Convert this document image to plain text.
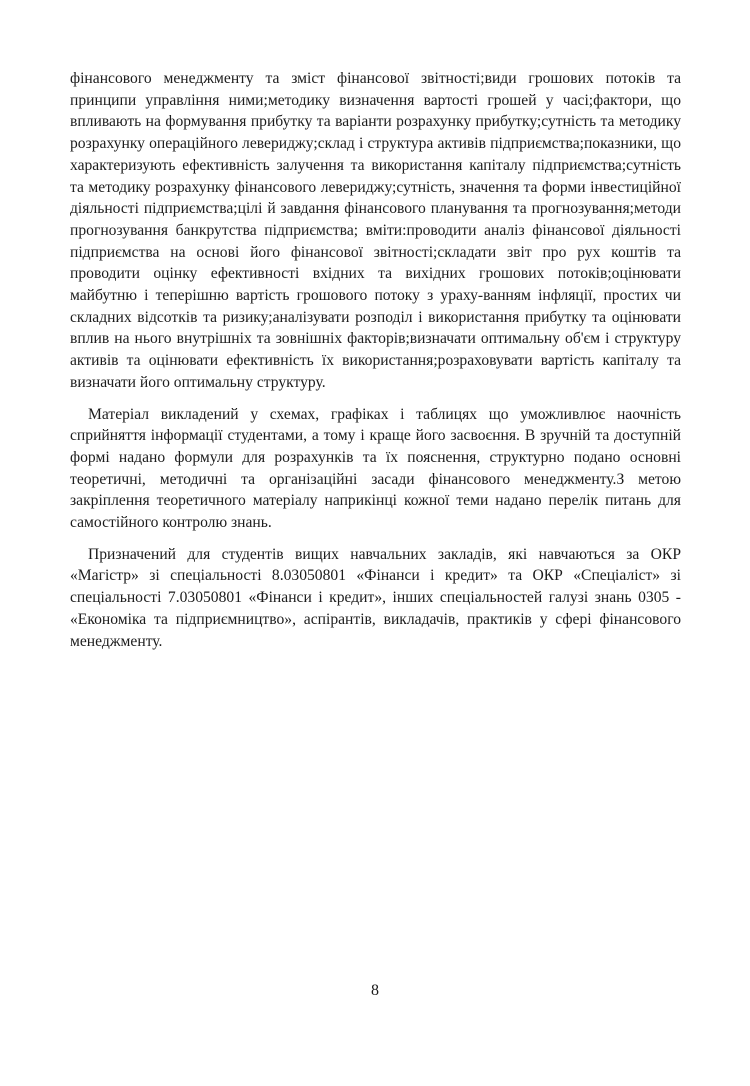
фінансового менеджменту та зміст фінансової звітності;види грошових потоків та принципи управління ними;методику визначення вартості грошей у часі;фактори, що впливають на формування прибутку та варіанти розрахунку прибутку;сутність та методику розрахунку операційного левериджу;склад і структура активів підприємства;показники, що характеризують ефективність залучення та використання капіталу підприємства;сутність та методику розрахунку фінансового левериджу;сутність, значення та форми інвестиційної діяльності підприємства;цілі й завдання фінансового планування та прогнозування;методи прогнозування банкрутства підприємства; вміти:проводити аналіз фінансової діяльності підприємства на основі його фінансової звітності;складати звіт про рух коштів та проводити оцінку ефективності вхідних та вихідних грошових потоків;оцінювати майбутню і теперішню вартість грошового потоку з ураху-ванням інфляції, простих чи складних відсотків та ризику;аналізувати розподіл і використання прибутку та оцінювати вплив на нього внутрішніх та зовнішніх факторів;визначати оптимальну об'єм і структуру активів та оцінювати ефективність їх використання;розраховувати вартість капіталу та визначати його оптимальну структуру.

Матеріал викладений у схемах, графіках і таблицях що уможливлює наочність сприйняття інформації студентами, а тому і краще його засвоєння. В зручній та доступній формі надано формули для розрахунків та їх пояснення, структурно подано основні теоретичні, методичні та організаційні засади фінансового менеджменту.З метою закріплення теоретичного матеріалу наприкінці кожної теми надано перелік питань для самостійного контролю знань.

Призначений для студентів вищих навчальних закладів, які навчаються за ОКР «Магістр» зі спеціальності 8.03050801 «Фінанси і кредит» та ОКР «Спеціаліст» зі спеціальності 7.03050801 «Фінанси і кредит», інших спеціальностей галузі знань 0305 - «Економіка та підприємництво», аспірантів, викладачів, практиків у сфері фінансового менеджменту.

8
